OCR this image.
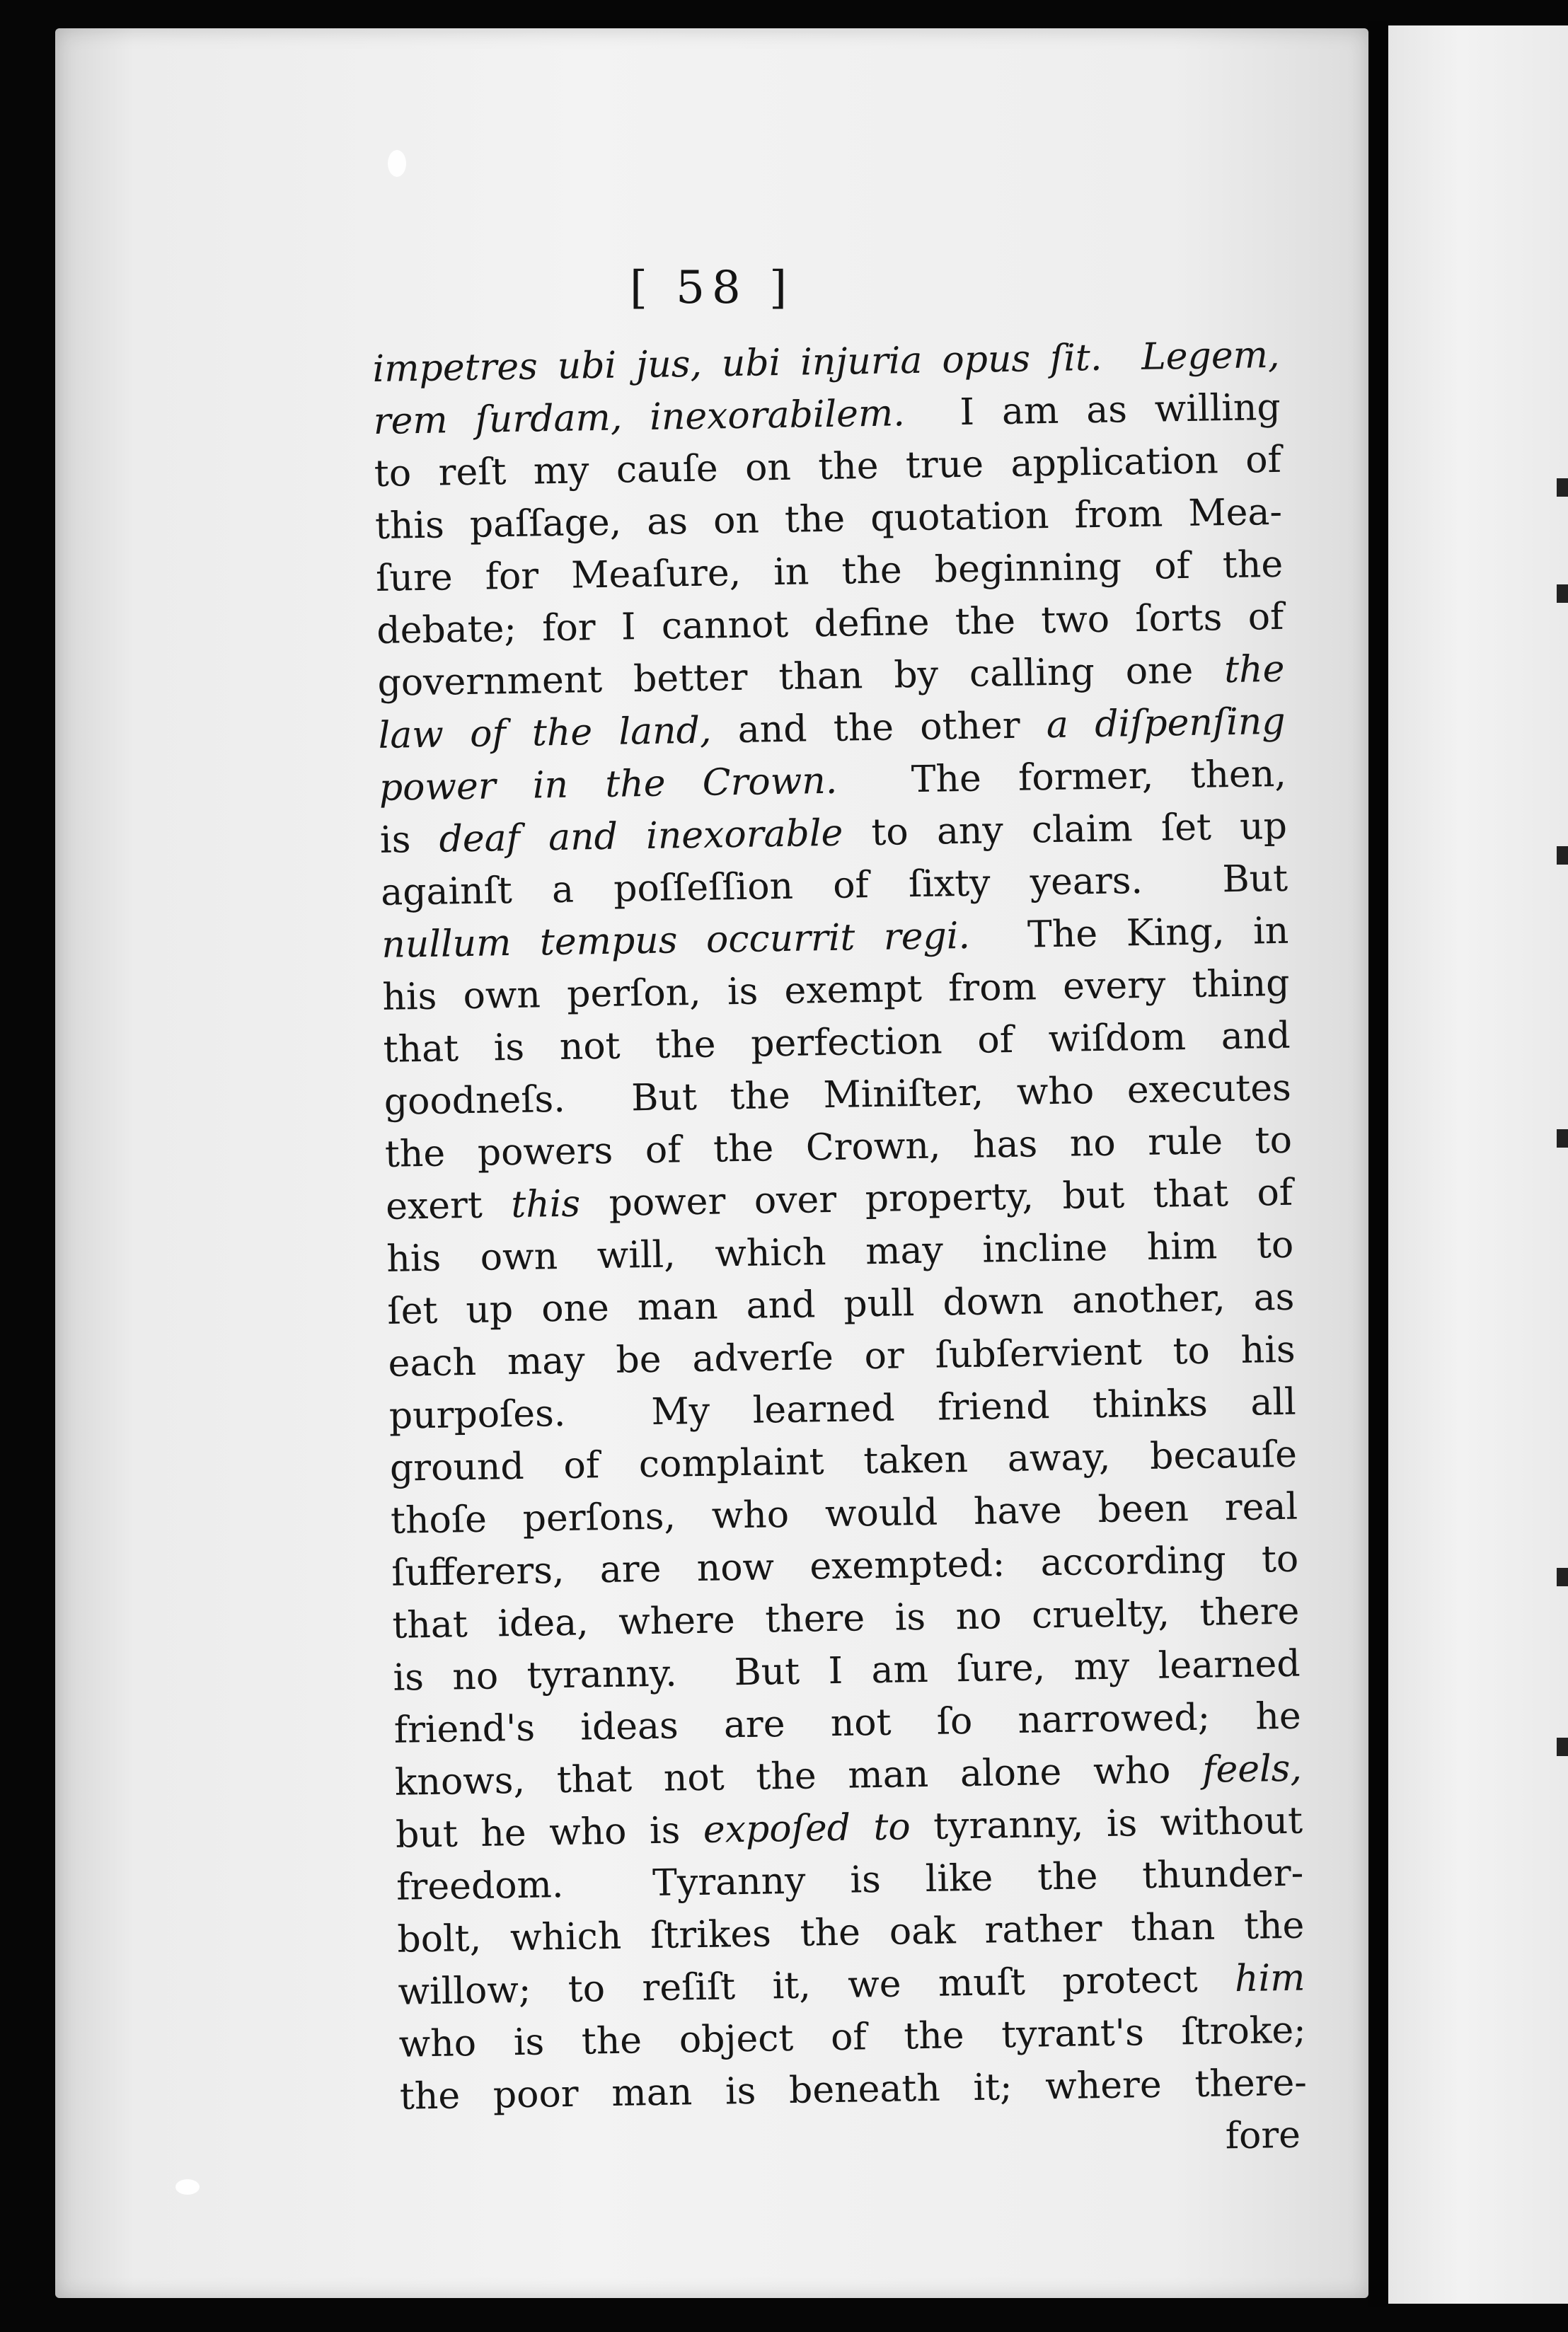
[ 58 ]
impetres ubi jus, ubi injuria opus ſit.  Legem,
rem ſurdam, inexorabilem.  I am as willing
to reſt my cauſe on the true application of
this paſſage, as on the quotation from Mea-
ſure for Meaſure, in the beginning of the
debate; for I cannot define the two ſorts of
government better than by calling one the
law of the land, and the other a diſpenſing
power in the Crown.  The former, then,
is deaf and inexorable to any claim ſet up
againſt a poſſeſſion of ſixty years.  But
nullum tempus occurrit regi.  The King, in
his own perſon, is exempt from every thing
that is not the perfection of wiſdom and
goodneſs.  But the Miniſter, who executes
the powers of the Crown, has no rule to
exert this power over property, but that of
his own will, which may incline him to
ſet up one man and pull down another, as
each may be adverſe or ſubſervient to his
purpoſes.  My learned friend thinks all
ground of complaint taken away, becauſe
thoſe perſons, who would have been real
ſufferers, are now exempted: according to
that idea, where there is no cruelty, there
is no tyranny.  But I am ſure, my learned
friend's ideas are not ſo narrowed; he
knows, that not the man alone who feels,
but he who is expoſed to tyranny, is without
freedom.  Tyranny is like the thunder-
bolt, which ſtrikes the oak rather than the
willow; to reſiſt it, we muſt protect him
who is the object of the tyrant's ſtroke;
the poor man is beneath it; where there-
fore
